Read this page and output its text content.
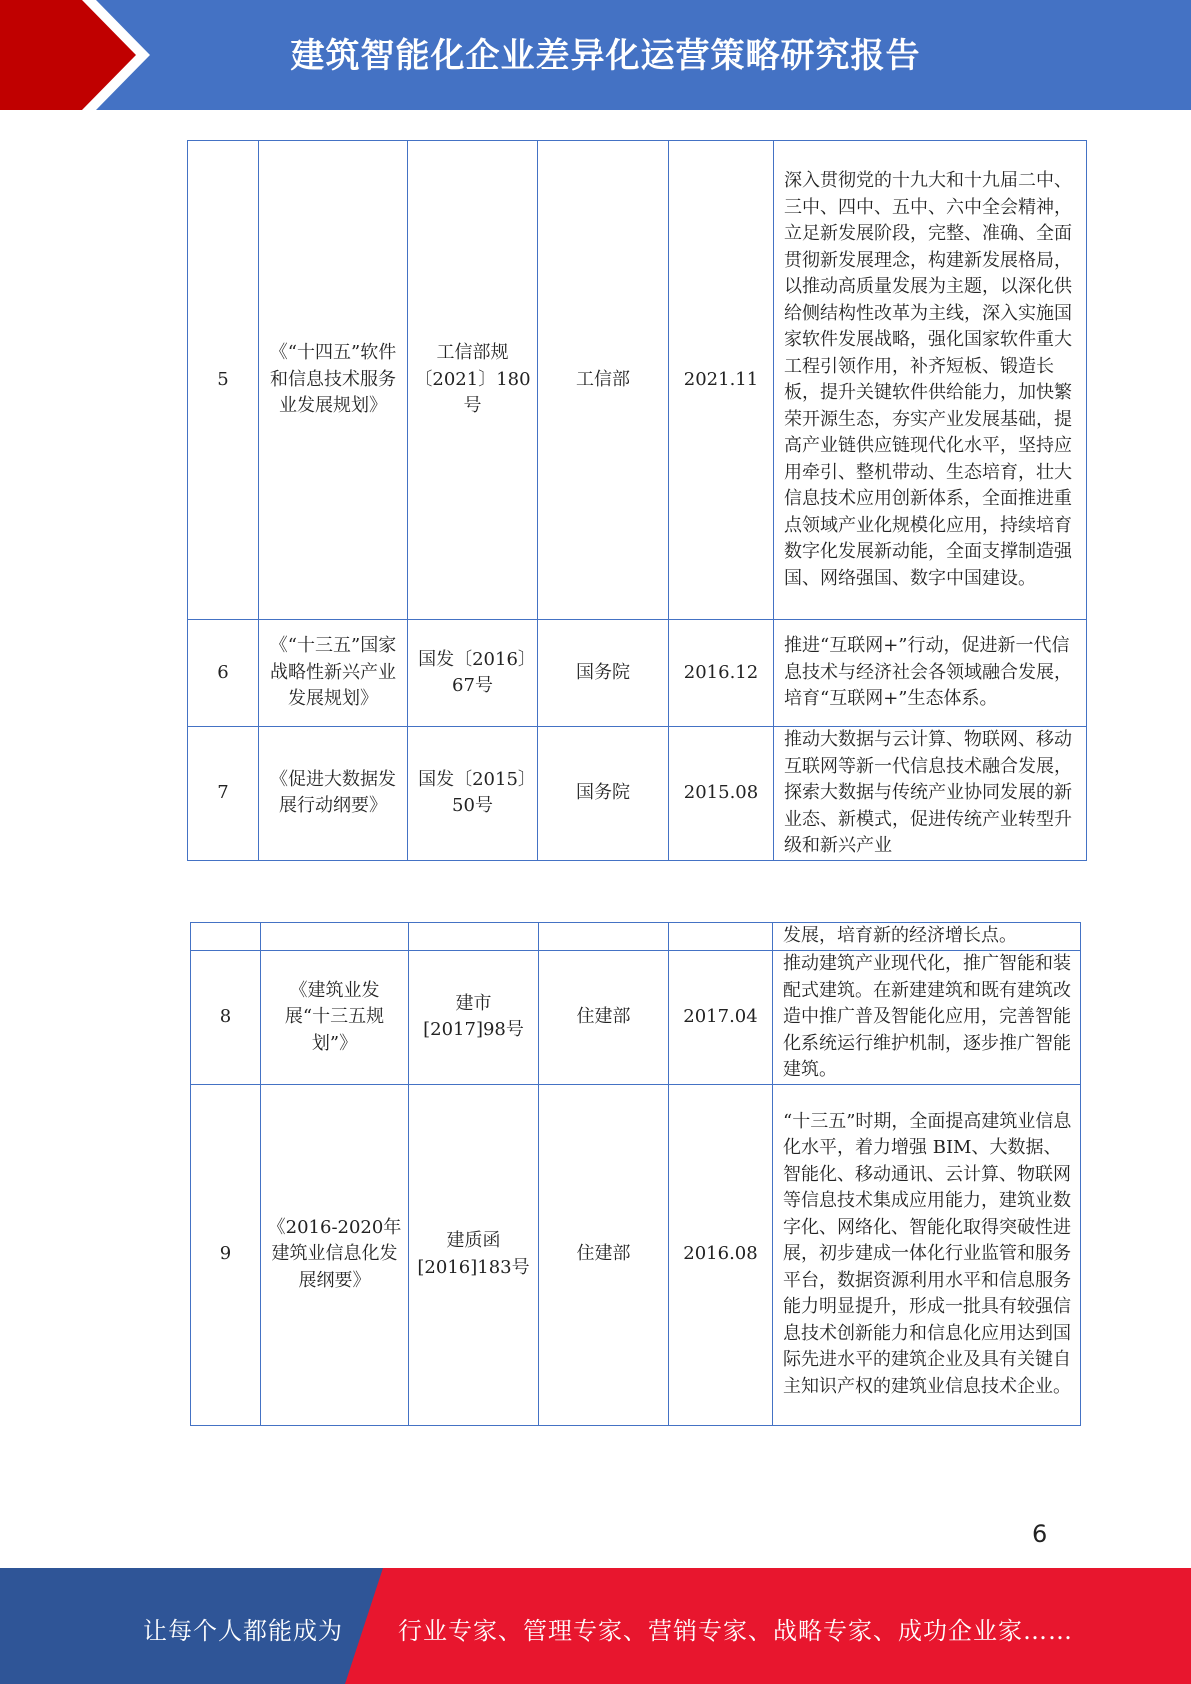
建筑智能化企业差异化运营策略研究报告
5	《“十四五”软件和信息技术服务业发展规划》	工信部规〔2021〕180号	工信部	2021.11	深入贯彻党的十九大和十九届二中、三中、四中、五中、六中全会精神，立足新发展阶段，完整、准确、全面贯彻新发展理念，构建新发展格局，以推动高质量发展为主题，以深化供给侧结构性改革为主线，深入实施国家软件发展战略，强化国家软件重大工程引领作用，补齐短板、锻造长板，提升关键软件供给能力，加快繁荣开源生态，夯实产业发展基础，提高产业链供应链现代化水平，坚持应用牵引、整机带动、生态培育，壮大信息技术应用创新体系，全面推进重点领域产业化规模化应用，持续培育数字化发展新动能，全面支撑制造强国、网络强国、数字中国建设。
6	《“十三五”国家战略性新兴产业发展规划》	国发〔2016〕67号	国务院	2016.12	推进“互联网+”行动，促进新一代信息技术与经济社会各领域融合发展，培育“互联网+”生态体系。
7	《促进大数据发展行动纲要》	国发〔2015〕50号	国务院	2015.08	推动大数据与云计算、物联网、移动互联网等新一代信息技术融合发展，探索大数据与传统产业协同发展的新业态、新模式，促进传统产业转型升级和新兴产业
					发展，培育新的经济增长点。
8	《建筑业发展“十三五规划”》	建市[2017]98号	住建部	2017.04	推动建筑产业现代化，推广智能和装配式建筑。在新建建筑和既有建筑改造中推广普及智能化应用，完善智能化系统运行维护机制，逐步推广智能建筑。
9	《2016-2020年建筑业信息化发展纲要》	建质函[2016]183号	住建部	2016.08	“十三五”时期，全面提高建筑业信息化水平，着力增强 BIM、大数据、智能化、移动通讯、云计算、物联网等信息技术集成应用能力，建筑业数字化、网络化、智能化取得突破性进展，初步建成一体化行业监管和服务平台，数据资源利用水平和信息服务能力明显提升，形成一批具有较强信息技术创新能力和信息化应用达到国际先进水平的建筑企业及具有关键自主知识产权的建筑业信息技术企业。
6
让每个人都能成为 行业专家、管理专家、营销专家、战略专家、成功企业家……
